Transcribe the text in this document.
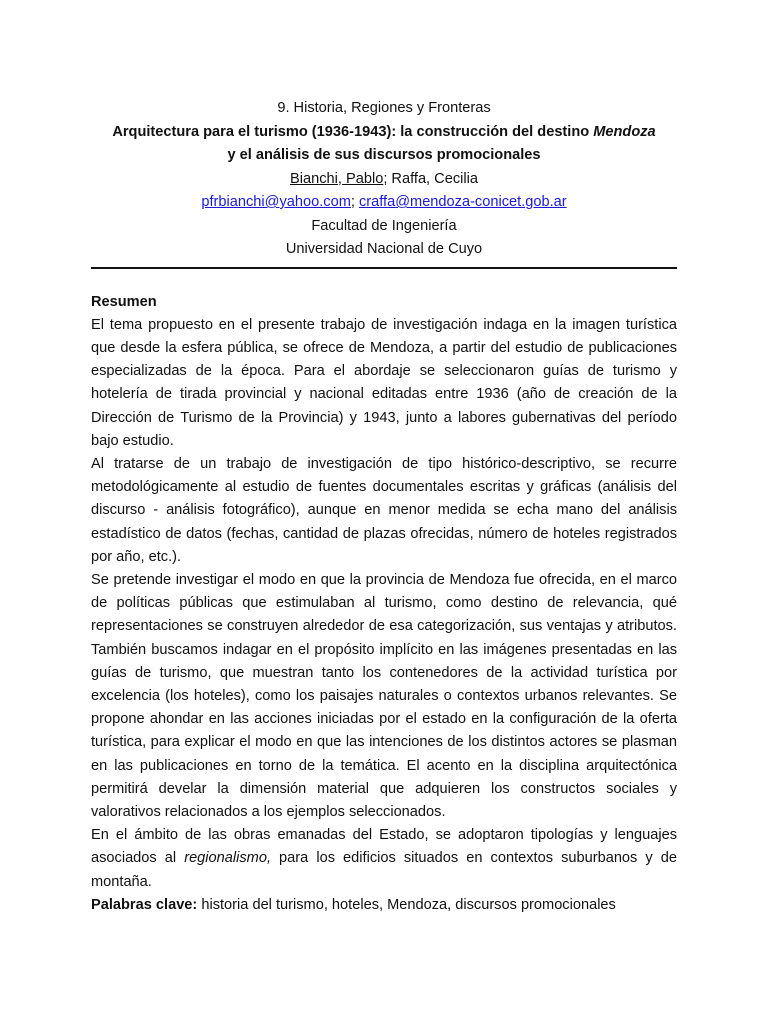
9. Historia, Regiones y Fronteras
Arquitectura para el turismo (1936-1943): la construcción del destino Mendoza
y el análisis de sus discursos promocionales
Bianchi, Pablo; Raffa, Cecilia
pfrbianchi@yahoo.com; craffa@mendoza-conicet.gob.ar
Facultad de Ingeniería
Universidad Nacional de Cuyo
Resumen

El tema propuesto en el presente trabajo de investigación indaga en la imagen turística que desde la esfera pública, se ofrece de Mendoza, a partir del estudio de publicaciones especializadas de la época. Para el abordaje se seleccionaron guías de turismo y hotelería de tirada provincial y nacional editadas entre 1936 (año de creación de la Dirección de Turismo de la Provincia) y 1943, junto a labores gubernativas del período bajo estudio.

Al tratarse de un trabajo de investigación de tipo histórico-descriptivo, se recurre metodológicamente al estudio de fuentes documentales escritas y gráficas (análisis del discurso - análisis fotográfico), aunque en menor medida se echa mano del análisis estadístico de datos (fechas, cantidad de plazas ofrecidas, número de hoteles registrados por año, etc.).

Se pretende investigar el modo en que la provincia de Mendoza fue ofrecida, en el marco de políticas públicas que estimulaban al turismo, como destino de relevancia, qué representaciones se construyen alrededor de esa categorización, sus ventajas y atributos. También buscamos indagar en el propósito implícito en las imágenes presentadas en las guías de turismo, que muestran tanto los contenedores de la actividad turística por excelencia (los hoteles), como los paisajes naturales o contextos urbanos relevantes. Se propone ahondar en las acciones iniciadas por el estado en la configuración de la oferta turística, para explicar el modo en que las intenciones de los distintos actores se plasman en las publicaciones en torno de la temática. El acento en la disciplina arquitectónica permitirá develar la dimensión material que adquieren los constructos sociales y valorativos relacionados a los ejemplos seleccionados.

En el ámbito de las obras emanadas del Estado, se adoptaron tipologías y lenguajes asociados al regionalismo, para los edificios situados en contextos suburbanos y de montaña.

Palabras clave: historia del turismo, hoteles, Mendoza, discursos promocionales
